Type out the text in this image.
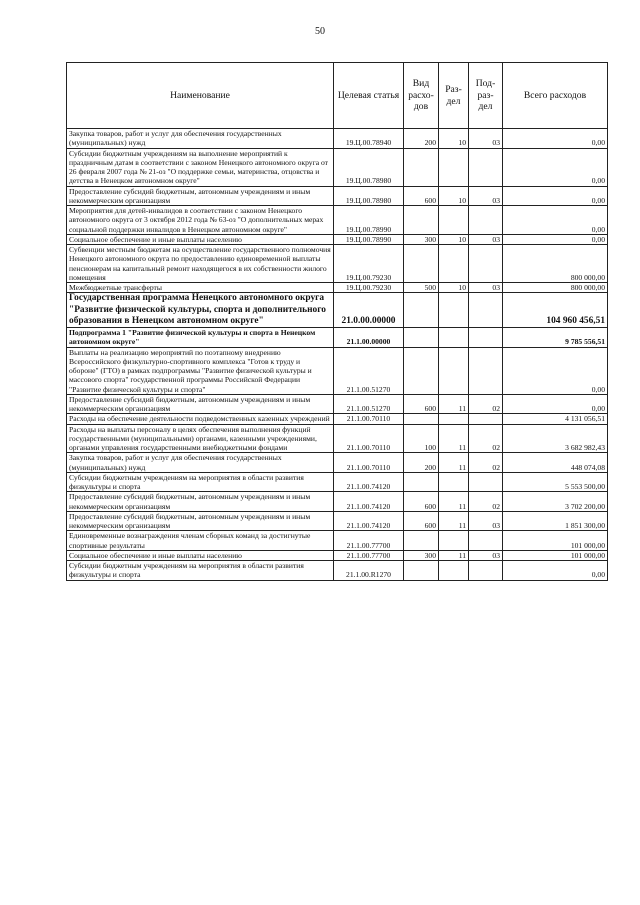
50
Наименование	Целевая статья	Вид расхо- дов	Раз- дел	Под- раз- дел	Всего расходов
Закупка товаров, работ и услуг для обеспечения государственных (муниципальных) нужд	19.Ц.00.78940	200	10	03	0,00
Субсидии бюджетным учреждениям на выполнение мероприятий к праздничным датам в соответствии с законом Ненецкого автономного округа от 26 февраля 2007 года № 21-оз "О поддержке семьи, материнства, отцовства и детства в Ненецком автономном округе"	19.Ц.00.78980				0,00
Предоставление субсидий бюджетным, автономным учреждениям и иным некоммерческим организациям	19.Ц.00.78980	600	10	03	0,00
Мероприятия для детей-инвалидов в соответствии с законом Ненецкого автономного округа от 3 октября 2012 года № 63-оз "О дополнительных мерах социальной поддержки инвалидов в Ненецком автономном округе"	19.Ц.00.78990				0,00
Социальное обеспечение и иные выплаты населению	19.Ц.00.78990	300	10	03	0,00
Субвенции местным бюджетам на осуществление государственного полномочия Ненецкого автономного округа по предоставлению единовременной выплаты пенсионерам на капитальный ремонт находящегося в их собственности жилого помещения	19.Ц.00.79230				800 000,00
Межбюджетные трансферты	19.Ц.00.79230	500	10	03	800 000,00
Государственная программа Ненецкого автономного округа "Развитие физической культуры, спорта и дополнительного образования в Ненецком автономном округе"	21.0.00.00000				104 960 456,51
Подпрограмма 1 "Развитие физической культуры и спорта в Ненецком автономном округе"	21.1.00.00000				9 785 556,51
Выплаты на реализацию мероприятий по поэтапному внедрению Всероссийского физкультурно-спортивного комплекса "Готов к труду и обороне" (ГТО) в рамках подпрограммы "Развитие физической культуры и массового спорта" государственной программы Российской Федерации "Развитие физической культуры и спорта"	21.1.00.51270				0,00
Предоставление субсидий бюджетным, автономным учреждениям и иным некоммерческим организациям	21.1.00.51270	600	11	02	0,00
Расходы на обеспечение деятельности подведомственных казенных учреждений	21.1.00.70110				4 131 056,51
Расходы на выплаты персоналу в целях обеспечения выполнения функций государственными (муниципальными) органами, казенными учреждениями, органами управления государственными внебюджетными фондами	21.1.00.70110	100	11	02	3 682 982,43
Закупка товаров, работ и услуг для обеспечения государственных (муниципальных) нужд	21.1.00.70110	200	11	02	448 074,08
Субсидии бюджетным учреждениям на мероприятия в области развития физкультуры и спорта	21.1.00.74120				5 553 500,00
Предоставление субсидий бюджетным, автономным учреждениям и иным некоммерческим организациям	21.1.00.74120	600	11	02	3 702 200,00
Предоставление субсидий бюджетным, автономным учреждениям и иным некоммерческим организациям	21.1.00.74120	600	11	03	1 851 300,00
Единовременные вознаграждения членам сборных команд за достигнутые спортивные результаты	21.1.00.77700				101 000,00
Социальное обеспечение и иные выплаты населению	21.1.00.77700	300	11	03	101 000,00
Субсидии бюджетным учреждениям на мероприятия в области развития физкультуры и спорта	21.1.00.R1270				0,00
